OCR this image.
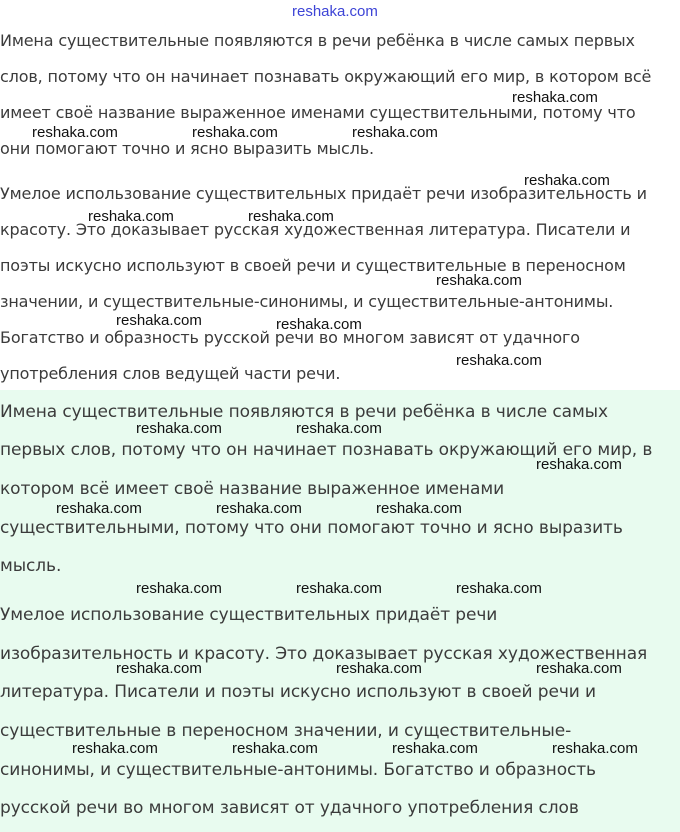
reshaka.com
Имена существительные появляются в речи ребёнка в числе самых первых
слов, потому что он начинает познавать окружающий его мир, в котором всё
имеет своё название выраженное именами существительными, потому что
они помогают точно и ясно выразить мысль.
Умелое использование существительных придаёт речи изобразительность и
красоту. Это доказывает русская художественная литература. Писатели и
поэты искусно используют в своей речи и существительные в переносном
значении, и существительные-синонимы, и существительные-антонимы.
Богатство и образность русской речи во многом зависят от удачного
употребления слов ведущей части речи.
Имена существительные появляются в речи ребёнка в числе самых
первых слов, потому что он начинает познавать окружающий его мир, в
котором всё имеет своё название выраженное именами
существительными, потому что они помогают точно и ясно выразить
мысль.
Умелое использование существительных придаёт речи
изобразительность и красоту. Это доказывает русская художественная
литература. Писатели и поэты искусно используют в своей речи и
существительные в переносном значении, и существительные-
синонимы, и существительные-антонимы. Богатство и образность
русской речи во многом зависят от удачного употребления слов
reshaka.com
reshaka.com	reshaka.com	reshaka.com
reshaka.com
reshaka.com	reshaka.com
reshaka.com
reshaka.com	reshaka.com
reshaka.com
reshaka.com	reshaka.com
reshaka.com
reshaka.com	reshaka.com	reshaka.com
reshaka.com	reshaka.com	reshaka.com
reshaka.com	reshaka.com	reshaka.com
reshaka.com	reshaka.com	reshaka.com	reshaka.com
